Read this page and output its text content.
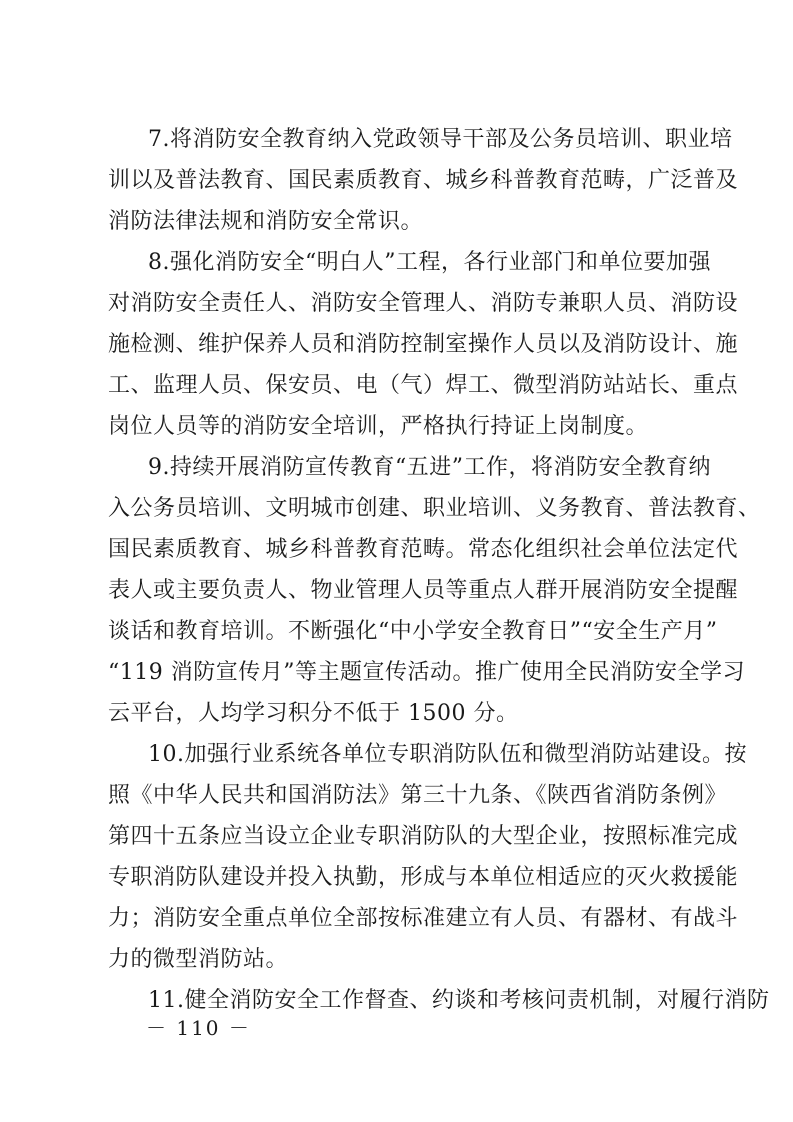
7.将消防安全教育纳入党政领导干部及公务员培训、职业培
训以及普法教育、国民素质教育、城乡科普教育范畴，广泛普及
消防法律法规和消防安全常识。
8.强化消防安全“明白人”工程，各行业部门和单位要加强
对消防安全责任人、消防安全管理人、消防专兼职人员、消防设
施检测、维护保养人员和消防控制室操作人员以及消防设计、施
工、监理人员、保安员、电（气）焊工、微型消防站站长、重点
岗位人员等的消防安全培训，严格执行持证上岗制度。
9.持续开展消防宣传教育“五进”工作，将消防安全教育纳
入公务员培训、文明城市创建、职业培训、义务教育、普法教育、
国民素质教育、城乡科普教育范畴。常态化组织社会单位法定代
表人或主要负责人、物业管理人员等重点人群开展消防安全提醒
谈话和教育培训。不断强化“中小学安全教育日”“安全生产月”
“119 消防宣传月”等主题宣传活动。推广使用全民消防安全学习
云平台，人均学习积分不低于 1500 分。
10.加强行业系统各单位专职消防队伍和微型消防站建设。按
照《中华人民共和国消防法》第三十九条、《陕西省消防条例》
第四十五条应当设立企业专职消防队的大型企业，按照标准完成
专职消防队建设并投入执勤，形成与本单位相适应的灭火救援能
力；消防安全重点单位全部按标准建立有人员、有器材、有战斗
力的微型消防站。
11.健全消防安全工作督查、约谈和考核问责机制，对履行消防
－ 110 －
